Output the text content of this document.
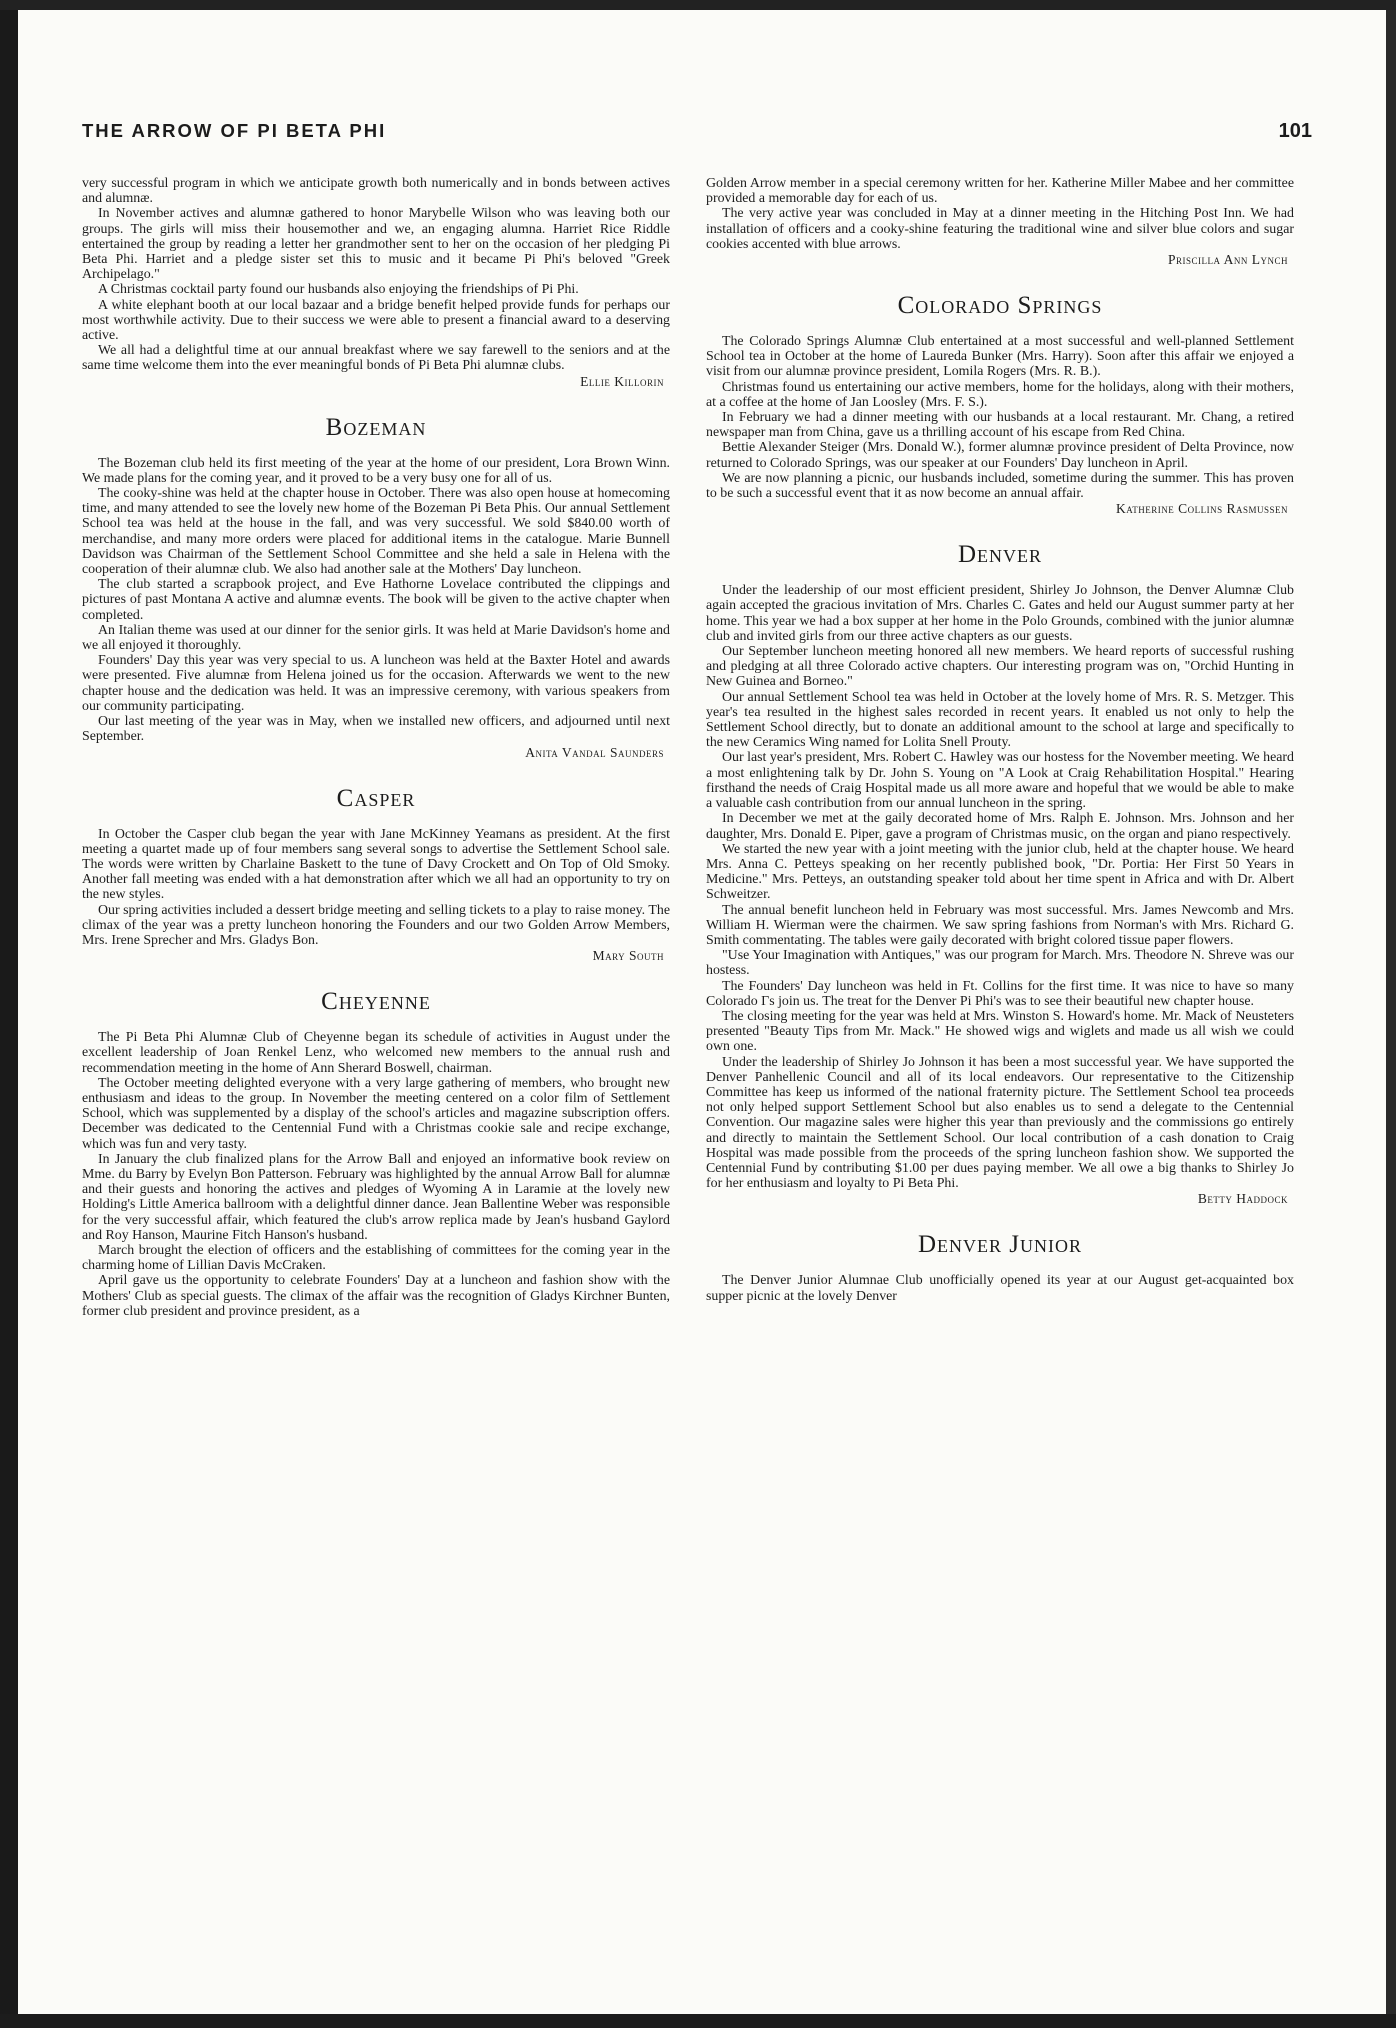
THE ARROW OF PI BETA PHI	101

very successful program in which we anticipate growth both numerically and in bonds between actives and alumnæ.

In November actives and alumnæ gathered to honor Marybelle Wilson who was leaving both our groups. The girls will miss their housemother and we, an engaging alumna. Harriet Rice Riddle entertained the group by reading a letter her grandmother sent to her on the occasion of her pledging Pi Beta Phi. Harriet and a pledge sister set this to music and it became Pi Phi's beloved "Greek Archipelago."

A Christmas cocktail party found our husbands also enjoying the friendships of Pi Phi.

A white elephant booth at our local bazaar and a bridge benefit helped provide funds for perhaps our most worthwhile activity. Due to their success we were able to present a financial award to a deserving active.

We all had a delightful time at our annual breakfast where we say farewell to the seniors and at the same time welcome them into the ever meaningful bonds of Pi Beta Phi alumnæ clubs.

Ellie Killorin
Bozeman

The Bozeman club held its first meeting of the year at the home of our president, Lora Brown Winn. We made plans for the coming year, and it proved to be a very busy one for all of us.

The cooky-shine was held at the chapter house in October. There was also open house at homecoming time, and many attended to see the lovely new home of the Bozeman Pi Beta Phis. Our annual Settlement School tea was held at the house in the fall, and was very successful. We sold $840.00 worth of merchandise, and many more orders were placed for additional items in the catalogue. Marie Bunnell Davidson was Chairman of the Settlement School Committee and she held a sale in Helena with the cooperation of their alumnæ club. We also had another sale at the Mothers' Day luncheon.

The club started a scrapbook project, and Eve Hathorne Lovelace contributed the clippings and pictures of past Montana A active and alumnæ events. The book will be given to the active chapter when completed.

An Italian theme was used at our dinner for the senior girls. It was held at Marie Davidson's home and we all enjoyed it thoroughly.

Founders' Day this year was very special to us. A luncheon was held at the Baxter Hotel and awards were presented. Five alumnæ from Helena joined us for the occasion. Afterwards we went to the new chapter house and the dedication was held. It was an impressive ceremony, with various speakers from our community participating.

Our last meeting of the year was in May, when we installed new officers, and adjourned until next September.

Anita Vandal Saunders
Casper

In October the Casper club began the year with Jane McKinney Yeamans as president. At the first meeting a quartet made up of four members sang several songs to advertise the Settlement School sale. The words were written by Charlaine Baskett to the tune of Davy Crockett and On Top of Old Smoky. Another fall meeting was ended with a hat demonstration after which we all had an opportunity to try on the new styles.

Our spring activities included a dessert bridge meeting and selling tickets to a play to raise money. The climax of the year was a pretty luncheon honoring the Founders and our two Golden Arrow Members, Mrs. Irene Sprecher and Mrs. Gladys Bon.

Mary South
Cheyenne

The Pi Beta Phi Alumnæ Club of Cheyenne began its schedule of activities in August under the excellent leadership of Joan Renkel Lenz, who welcomed new members to the annual rush and recommendation meeting in the home of Ann Sherard Boswell, chairman.

The October meeting delighted everyone with a very large gathering of members, who brought new enthusiasm and ideas to the group. In November the meeting centered on a color film of Settlement School, which was supplemented by a display of the school's articles and magazine subscription offers. December was dedicated to the Centennial Fund with a Christmas cookie sale and recipe exchange, which was fun and very tasty.

In January the club finalized plans for the Arrow Ball and enjoyed an informative book review on Mme. du Barry by Evelyn Bon Patterson. February was highlighted by the annual Arrow Ball for alumnæ and their guests and honoring the actives and pledges of Wyoming A in Laramie at the lovely new Holding's Little America ballroom with a delightful dinner dance. Jean Ballentine Weber was responsible for the very successful affair, which featured the club's arrow replica made by Jean's husband Gaylord and Roy Hanson, Maurine Fitch Hanson's husband.

March brought the election of officers and the establishing of committees for the coming year in the charming home of Lillian Davis McCraken.

April gave us the opportunity to celebrate Founders' Day at a luncheon and fashion show with the Mothers' Club as special guests. The climax of the affair was the recognition of Gladys Kirchner Bunten, former club president and province president, as a

Golden Arrow member in a special ceremony written for her. Katherine Miller Mabee and her committee provided a memorable day for each of us.

The very active year was concluded in May at a dinner meeting in the Hitching Post Inn. We had installation of officers and a cooky-shine featuring the traditional wine and silver blue colors and sugar cookies accented with blue arrows.

Priscilla Ann Lynch
Colorado Springs

The Colorado Springs Alumnæ Club entertained at a most successful and well-planned Settlement School tea in October at the home of Laureda Bunker (Mrs. Harry). Soon after this affair we enjoyed a visit from our alumnæ province president, Lomila Rogers (Mrs. R. B.).

Christmas found us entertaining our active members, home for the holidays, along with their mothers, at a coffee at the home of Jan Loosley (Mrs. F. S.).

In February we had a dinner meeting with our husbands at a local restaurant. Mr. Chang, a retired newspaper man from China, gave us a thrilling account of his escape from Red China.

Bettie Alexander Steiger (Mrs. Donald W.), former alumnæ province president of Delta Province, now returned to Colorado Springs, was our speaker at our Founders' Day luncheon in April.

We are now planning a picnic, our husbands included, sometime during the summer. This has proven to be such a successful event that it as now become an annual affair.

Katherine Collins Rasmussen
Denver

Under the leadership of our most efficient president, Shirley Jo Johnson, the Denver Alumnæ Club again accepted the gracious invitation of Mrs. Charles C. Gates and held our August summer party at her home. This year we had a box supper at her home in the Polo Grounds, combined with the junior alumnæ club and invited girls from our three active chapters as our guests.

Our September luncheon meeting honored all new members. We heard reports of successful rushing and pledging at all three Colorado active chapters. Our interesting program was on, "Orchid Hunting in New Guinea and Borneo."

Our annual Settlement School tea was held in October at the lovely home of Mrs. R. S. Metzger. This year's tea resulted in the highest sales recorded in recent years. It enabled us not only to help the Settlement School directly, but to donate an additional amount to the school at large and specifically to the new Ceramics Wing named for Lolita Snell Prouty.

Our last year's president, Mrs. Robert C. Hawley was our hostess for the November meeting. We heard a most enlightening talk by Dr. John S. Young on "A Look at Craig Rehabilitation Hospital." Hearing firsthand the needs of Craig Hospital made us all more aware and hopeful that we would be able to make a valuable cash contribution from our annual luncheon in the spring.

In December we met at the gaily decorated home of Mrs. Ralph E. Johnson. Mrs. Johnson and her daughter, Mrs. Donald E. Piper, gave a program of Christmas music, on the organ and piano respectively.

We started the new year with a joint meeting with the junior club, held at the chapter house. We heard Mrs. Anna C. Petteys speaking on her recently published book, "Dr. Portia: Her First 50 Years in Medicine." Mrs. Petteys, an outstanding speaker told about her time spent in Africa and with Dr. Albert Schweitzer.

The annual benefit luncheon held in February was most successful. Mrs. James Newcomb and Mrs. William H. Wierman were the chairmen. We saw spring fashions from Norman's with Mrs. Richard G. Smith commentating. The tables were gaily decorated with bright colored tissue paper flowers.

"Use Your Imagination with Antiques," was our program for March. Mrs. Theodore N. Shreve was our hostess.

The Founders' Day luncheon was held in Ft. Collins for the first time. It was nice to have so many Colorado Γs join us. The treat for the Denver Pi Phi's was to see their beautiful new chapter house.

The closing meeting for the year was held at Mrs. Winston S. Howard's home. Mr. Mack of Neusteters presented "Beauty Tips from Mr. Mack." He showed wigs and wiglets and made us all wish we could own one.

Under the leadership of Shirley Jo Johnson it has been a most successful year. We have supported the Denver Panhellenic Council and all of its local endeavors. Our representative to the Citizenship Committee has keep us informed of the national fraternity picture. The Settlement School tea proceeds not only helped support Settlement School but also enables us to send a delegate to the Centennial Convention. Our magazine sales were higher this year than previously and the commissions go entirely and directly to maintain the Settlement School. Our local contribution of a cash donation to Craig Hospital was made possible from the proceeds of the spring luncheon fashion show. We supported the Centennial Fund by contributing $1.00 per dues paying member. We all owe a big thanks to Shirley Jo for her enthusiasm and loyalty to Pi Beta Phi.

Betty Haddock
Denver Junior

The Denver Junior Alumnae Club unofficially opened its year at our August get-acquainted box supper picnic at the lovely Denver
